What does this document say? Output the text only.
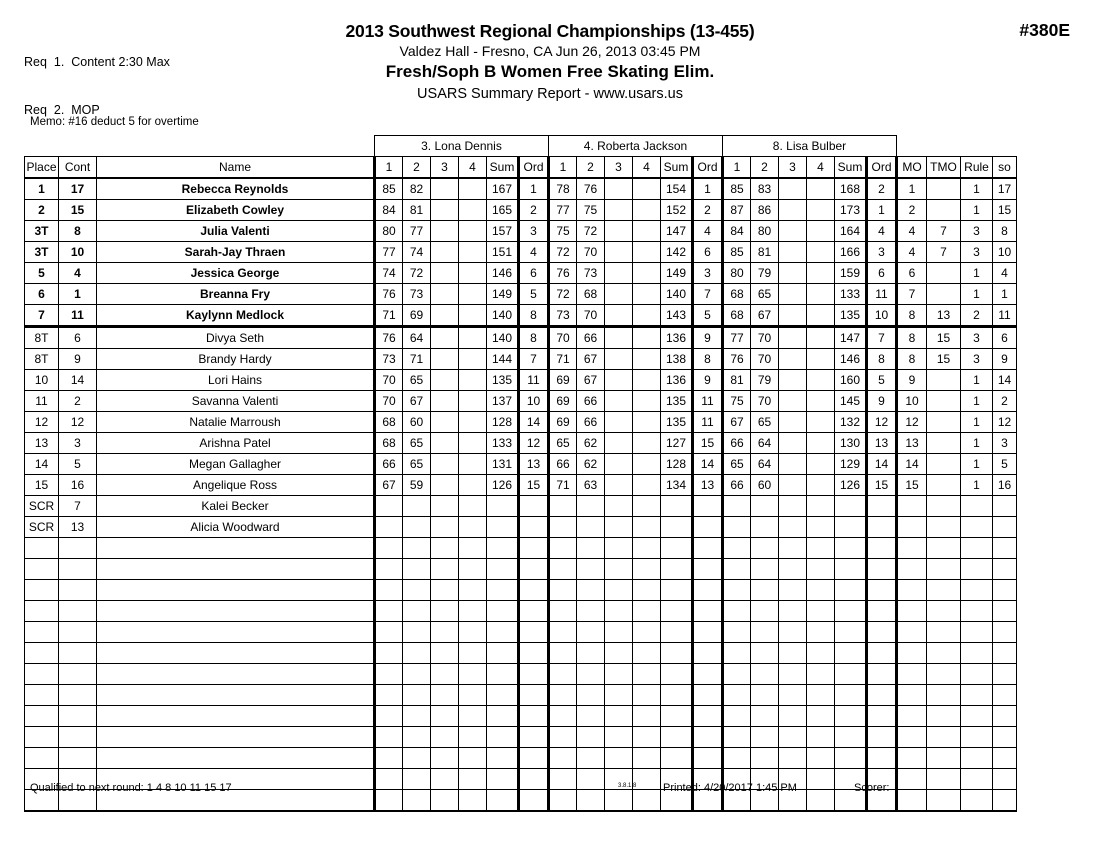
Req  1.  Content 2:30 Max

Req  2.  MOP

Memo: #16 deduct 5 for overtime
2013 Southwest Regional Championships (13-455)
Valdez Hall - Fresno, CA Jun 26, 2013 03:45 PM
Fresh/Soph B Women Free Skating Elim.
USARS Summary Report - www.usars.us
#380E
			3. Lona Dennis						4. Roberta Jackson						8. Lisa Bulber									
Place	Cont	Name	1	2	3	4	Sum	Ord	1	2	3	4	Sum	Ord	1	2	3	4	Sum	Ord	MO	TMO	Rule	so
1	17	Rebecca Reynolds	85	82			167	1	78	76			154	1	85	83			168	2	1		1	17
2	15	Elizabeth Cowley	84	81			165	2	77	75			152	2	87	86			173	1	2		1	15
3T	8	Julia Valenti	80	77			157	3	75	72			147	4	84	80			164	4	4	7	3	8
3T	10	Sarah-Jay Thraen	77	74			151	4	72	70			142	6	85	81			166	3	4	7	3	10
5	4	Jessica George	74	72			146	6	76	73			149	3	80	79			159	6	6		1	4
6	1	Breanna Fry	76	73			149	5	72	68			140	7	68	65			133	11	7		1	1
7	11	Kaylynn Medlock	71	69			140	8	73	70			143	5	68	67			135	10	8	13	2	11
8T	6	Divya Seth	76	64			140	8	70	66			136	9	77	70			147	7	8	15	3	6
8T	9	Brandy Hardy	73	71			144	7	71	67			138	8	76	70			146	8	8	15	3	9
10	14	Lori Hains	70	65			135	11	69	67			136	9	81	79			160	5	9		1	14
11	2	Savanna Valenti	70	67			137	10	69	66			135	11	75	70			145	9	10		1	2
12	12	Natalie Marroush	68	60			128	14	69	66			135	11	67	65			132	12	12		1	12
13	3	Arishna Patel	68	65			133	12	65	62			127	15	66	64			130	13	13		1	3
14	5	Megan Gallagher	66	65			131	13	66	62			128	14	65	64			129	14	14		1	5
15	16	Angelique Ross	67	59			126	15	71	63			134	13	66	60			126	15	15		1	16
SCR	7	Kalei Becker																						
SCR	13	Alicia Woodward																						

Qualified to next round: 1 4 8 10 11 15 17	3.8.1.8 Printed: 4/20/2017 1:45 PM	Scorer:
